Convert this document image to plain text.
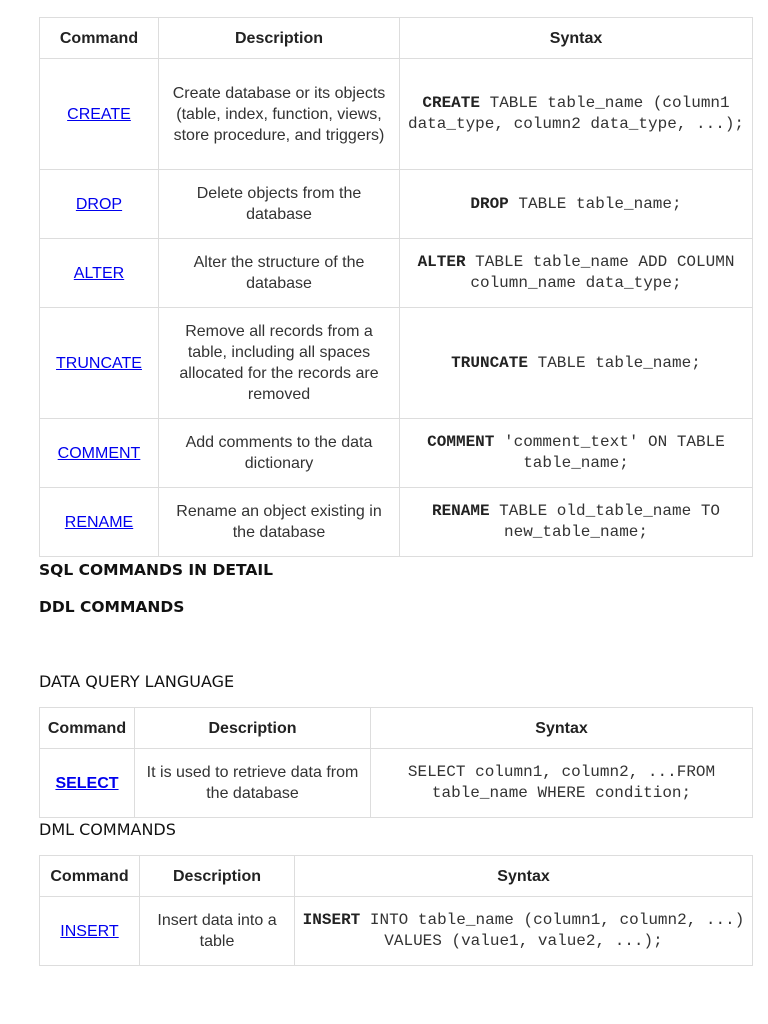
Command	Description	Syntax
CREATE	Create database or its objects (table, index, function, views, store procedure, and triggers)	CREATE TABLE table_name (column1 data_type, column2 data_type, ...);
DROP	Delete objects from the database	DROP TABLE table_name;
ALTER	Alter the structure of the database	ALTER TABLE table_name ADD COLUMN column_name data_type;
TRUNCATE	Remove all records from a table, including all spaces allocated for the records are removed	TRUNCATE TABLE table_name;
COMMENT	Add comments to the data dictionary	COMMENT 'comment_text' ON TABLE table_name;
RENAME	Rename an object existing in the database	RENAME TABLE old_table_name TO new_table_name;

SQL COMMANDS IN DETAIL

DDL COMMANDS

DATA QUERY LANGUAGE

Command	Description	Syntax
SELECT	It is used to retrieve data from the database	SELECT column1, column2, ...FROM table_name WHERE condition;

DML COMMANDS

Command	Description	Syntax
INSERT	Insert data into a table	INSERT INTO table_name (column1, column2, ...) VALUES (value1, value2, ...);
